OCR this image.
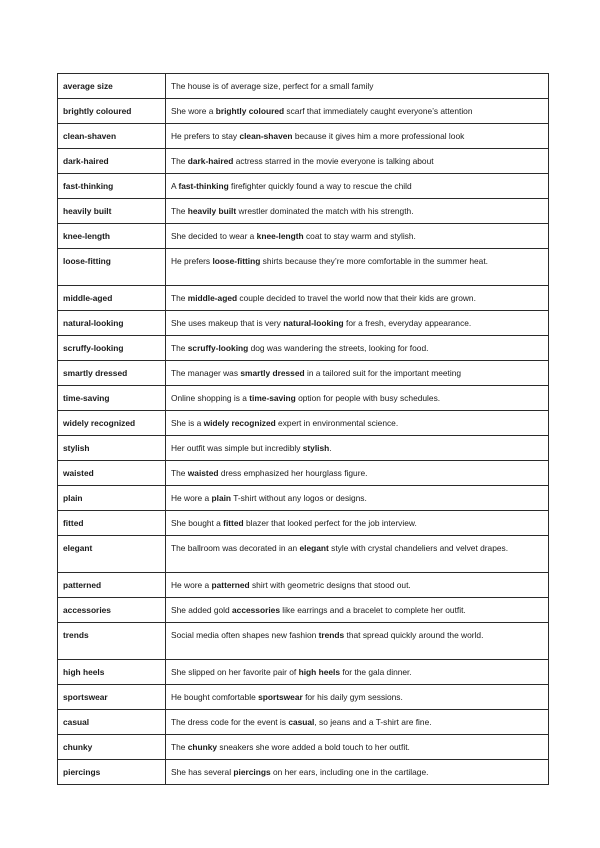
average size	The house is of average size, perfect for a small family
brightly coloured	She wore a brightly coloured scarf that immediately caught everyone’s attention
clean-shaven	He prefers to stay clean-shaven because it gives him a more professional look
dark-haired	The dark-haired actress starred in the movie everyone is talking about
fast-thinking	A fast-thinking firefighter quickly found a way to rescue the child
heavily built	The heavily built wrestler dominated the match with his strength.
knee-length	She decided to wear a knee-length coat to stay warm and stylish.
loose-fitting	He prefers loose-fitting shirts because they’re more comfortable in the summer heat.
middle-aged	The middle-aged couple decided to travel the world now that their kids are grown.
natural-looking	She uses makeup that is very natural-looking for a fresh, everyday appearance.
scruffy-looking	The scruffy-looking dog was wandering the streets, looking for food.
smartly dressed	The manager was smartly dressed in a tailored suit for the important meeting
time-saving	Online shopping is a time-saving option for people with busy schedules.
widely recognized	She is a widely recognized expert in environmental science.
stylish	Her outfit was simple but incredibly stylish.
waisted	The waisted dress emphasized her hourglass figure.
plain	He wore a plain T-shirt without any logos or designs.
fitted	She bought a fitted blazer that looked perfect for the job interview.
elegant	The ballroom was decorated in an elegant style with crystal chandeliers and velvet drapes.
patterned	He wore a patterned shirt with geometric designs that stood out.
accessories	She added gold accessories like earrings and a bracelet to complete her outfit.
trends	Social media often shapes new fashion trends that spread quickly around the world.
high heels	She slipped on her favorite pair of high heels for the gala dinner.
sportswear	He bought comfortable sportswear for his daily gym sessions.
casual	The dress code for the event is casual, so jeans and a T-shirt are fine.
chunky	The chunky sneakers she wore added a bold touch to her outfit.
piercings	She has several piercings on her ears, including one in the cartilage.
